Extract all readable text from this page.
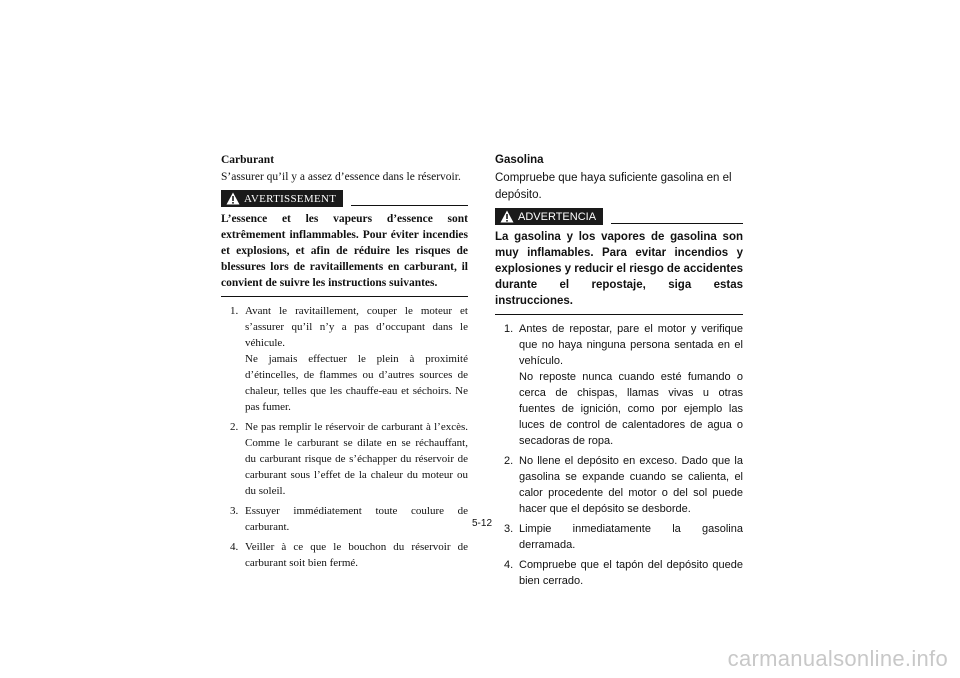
Carburant

S’assurer qu’il y a assez d’essence dans le réservoir.

AVERTISSEMENT

L’essence et les vapeurs d’essence sont extrêmement inflammables. Pour éviter incendies et explosions, et afin de réduire les risques de blessures lors de ravitaillements en carburant, il convient de suivre les instructions suivantes.

1. Avant le ravitaillement, couper le moteur et s’assurer qu’il n’y a pas d’occupant dans le véhicule.

Ne jamais effectuer le plein à proximité d’étincelles, de flammes ou d’autres sources de chaleur, telles que les chauffe-eau et séchoirs. Ne pas fumer.

2. Ne pas remplir le réservoir de carburant à l’excès. Comme le carburant se dilate en se réchauffant, du carburant risque de s’échapper du réservoir de carburant sous l’effet de la chaleur du moteur ou du soleil.

3. Essuyer immédiatement toute coulure de carburant.

4. Veiller à ce que le bouchon du réservoir de carburant soit bien fermé.

Gasolina

Compruebe que haya suficiente gasolina en el depósito.

ADVERTENCIA

La gasolina y los vapores de gasolina son muy inflamables. Para evitar incendios y explosiones y reducir el riesgo de accidentes durante el repostaje, siga estas instrucciones.

1. Antes de repostar, pare el motor y verifique que no haya ninguna persona sentada en el vehículo.

No reposte nunca cuando esté fumando o cerca de chispas, llamas vivas u otras fuentes de ignición, como por ejemplo las luces de control de calentadores de agua o secadoras de ropa.

2. No llene el depósito en exceso. Dado que la gasolina se expande cuando se calienta, el calor procedente del motor o del sol puede hacer que el depósito se desborde.

3. Limpie inmediatamente la gasolina derramada.

4. Compruebe que el tapón del depósito quede bien cerrado.

5-12
carmanualsonline.info
